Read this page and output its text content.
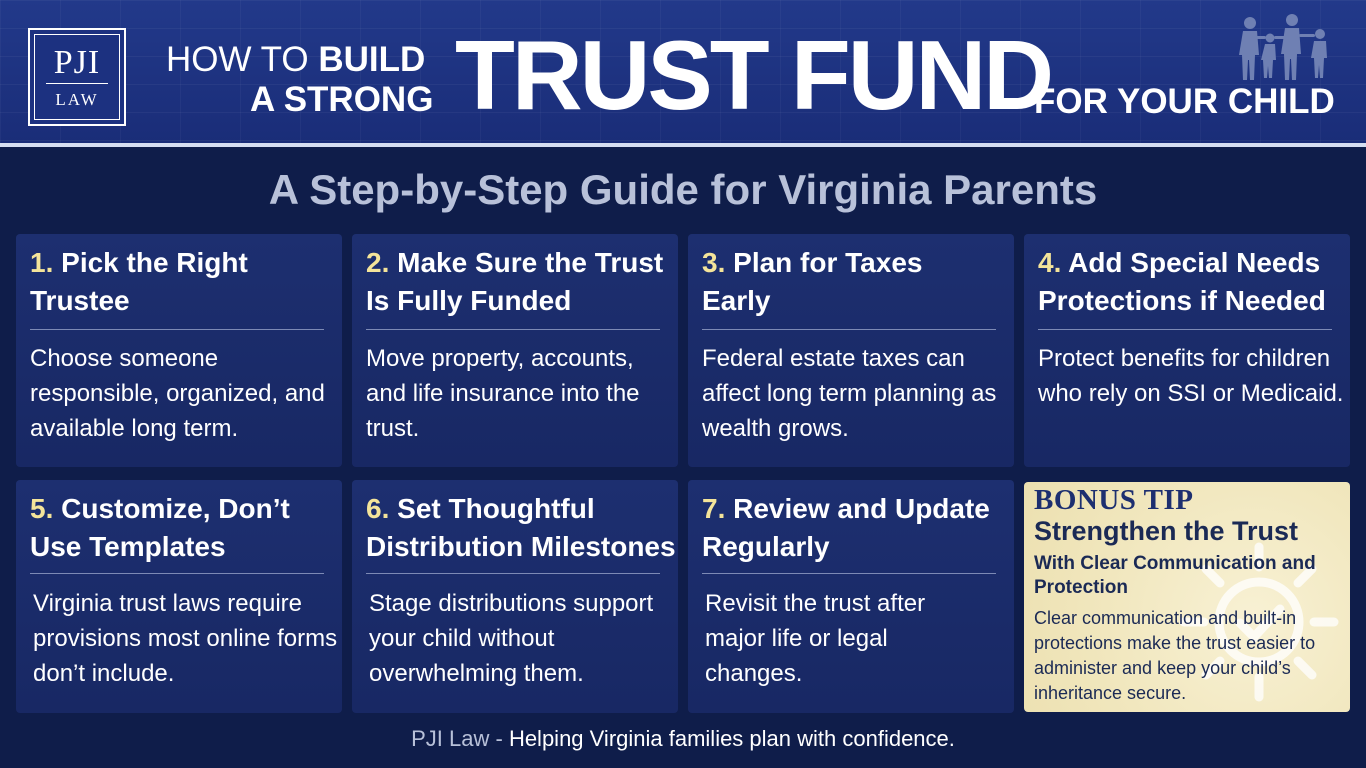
PJI
LAW
HOW TO BUILD
A STRONG TRUST FUND
FOR YOUR CHILD
A Step-by-Step Guide for Virginia Parents
1. Pick the Right Trustee
Choose someone responsible, organized, and available long term.
2. Make Sure the Trust Is Fully Funded
Move property, accounts, and life insurance into the trust.
3. Plan for Taxes Early
Federal estate taxes can affect long term planning as wealth grows.
4. Add Special Needs Protections if Needed
Protect benefits for children who rely on SSI or Medicaid.
5. Customize, Don’t Use Templates
Virginia trust laws require provisions most online forms don’t include.
6. Set Thoughtful Distribution Milestones
Stage distributions support your child without overwhelming them.
7. Review and Update Regularly
Revisit the trust after major life or legal changes.
BONUS TIP
Strengthen the Trust
With Clear Communication and Protection
Clear communication and built-in protections make the trust easier to administer and keep your child’s inheritance secure.
PJI Law - Helping Virginia families plan with confidence.
